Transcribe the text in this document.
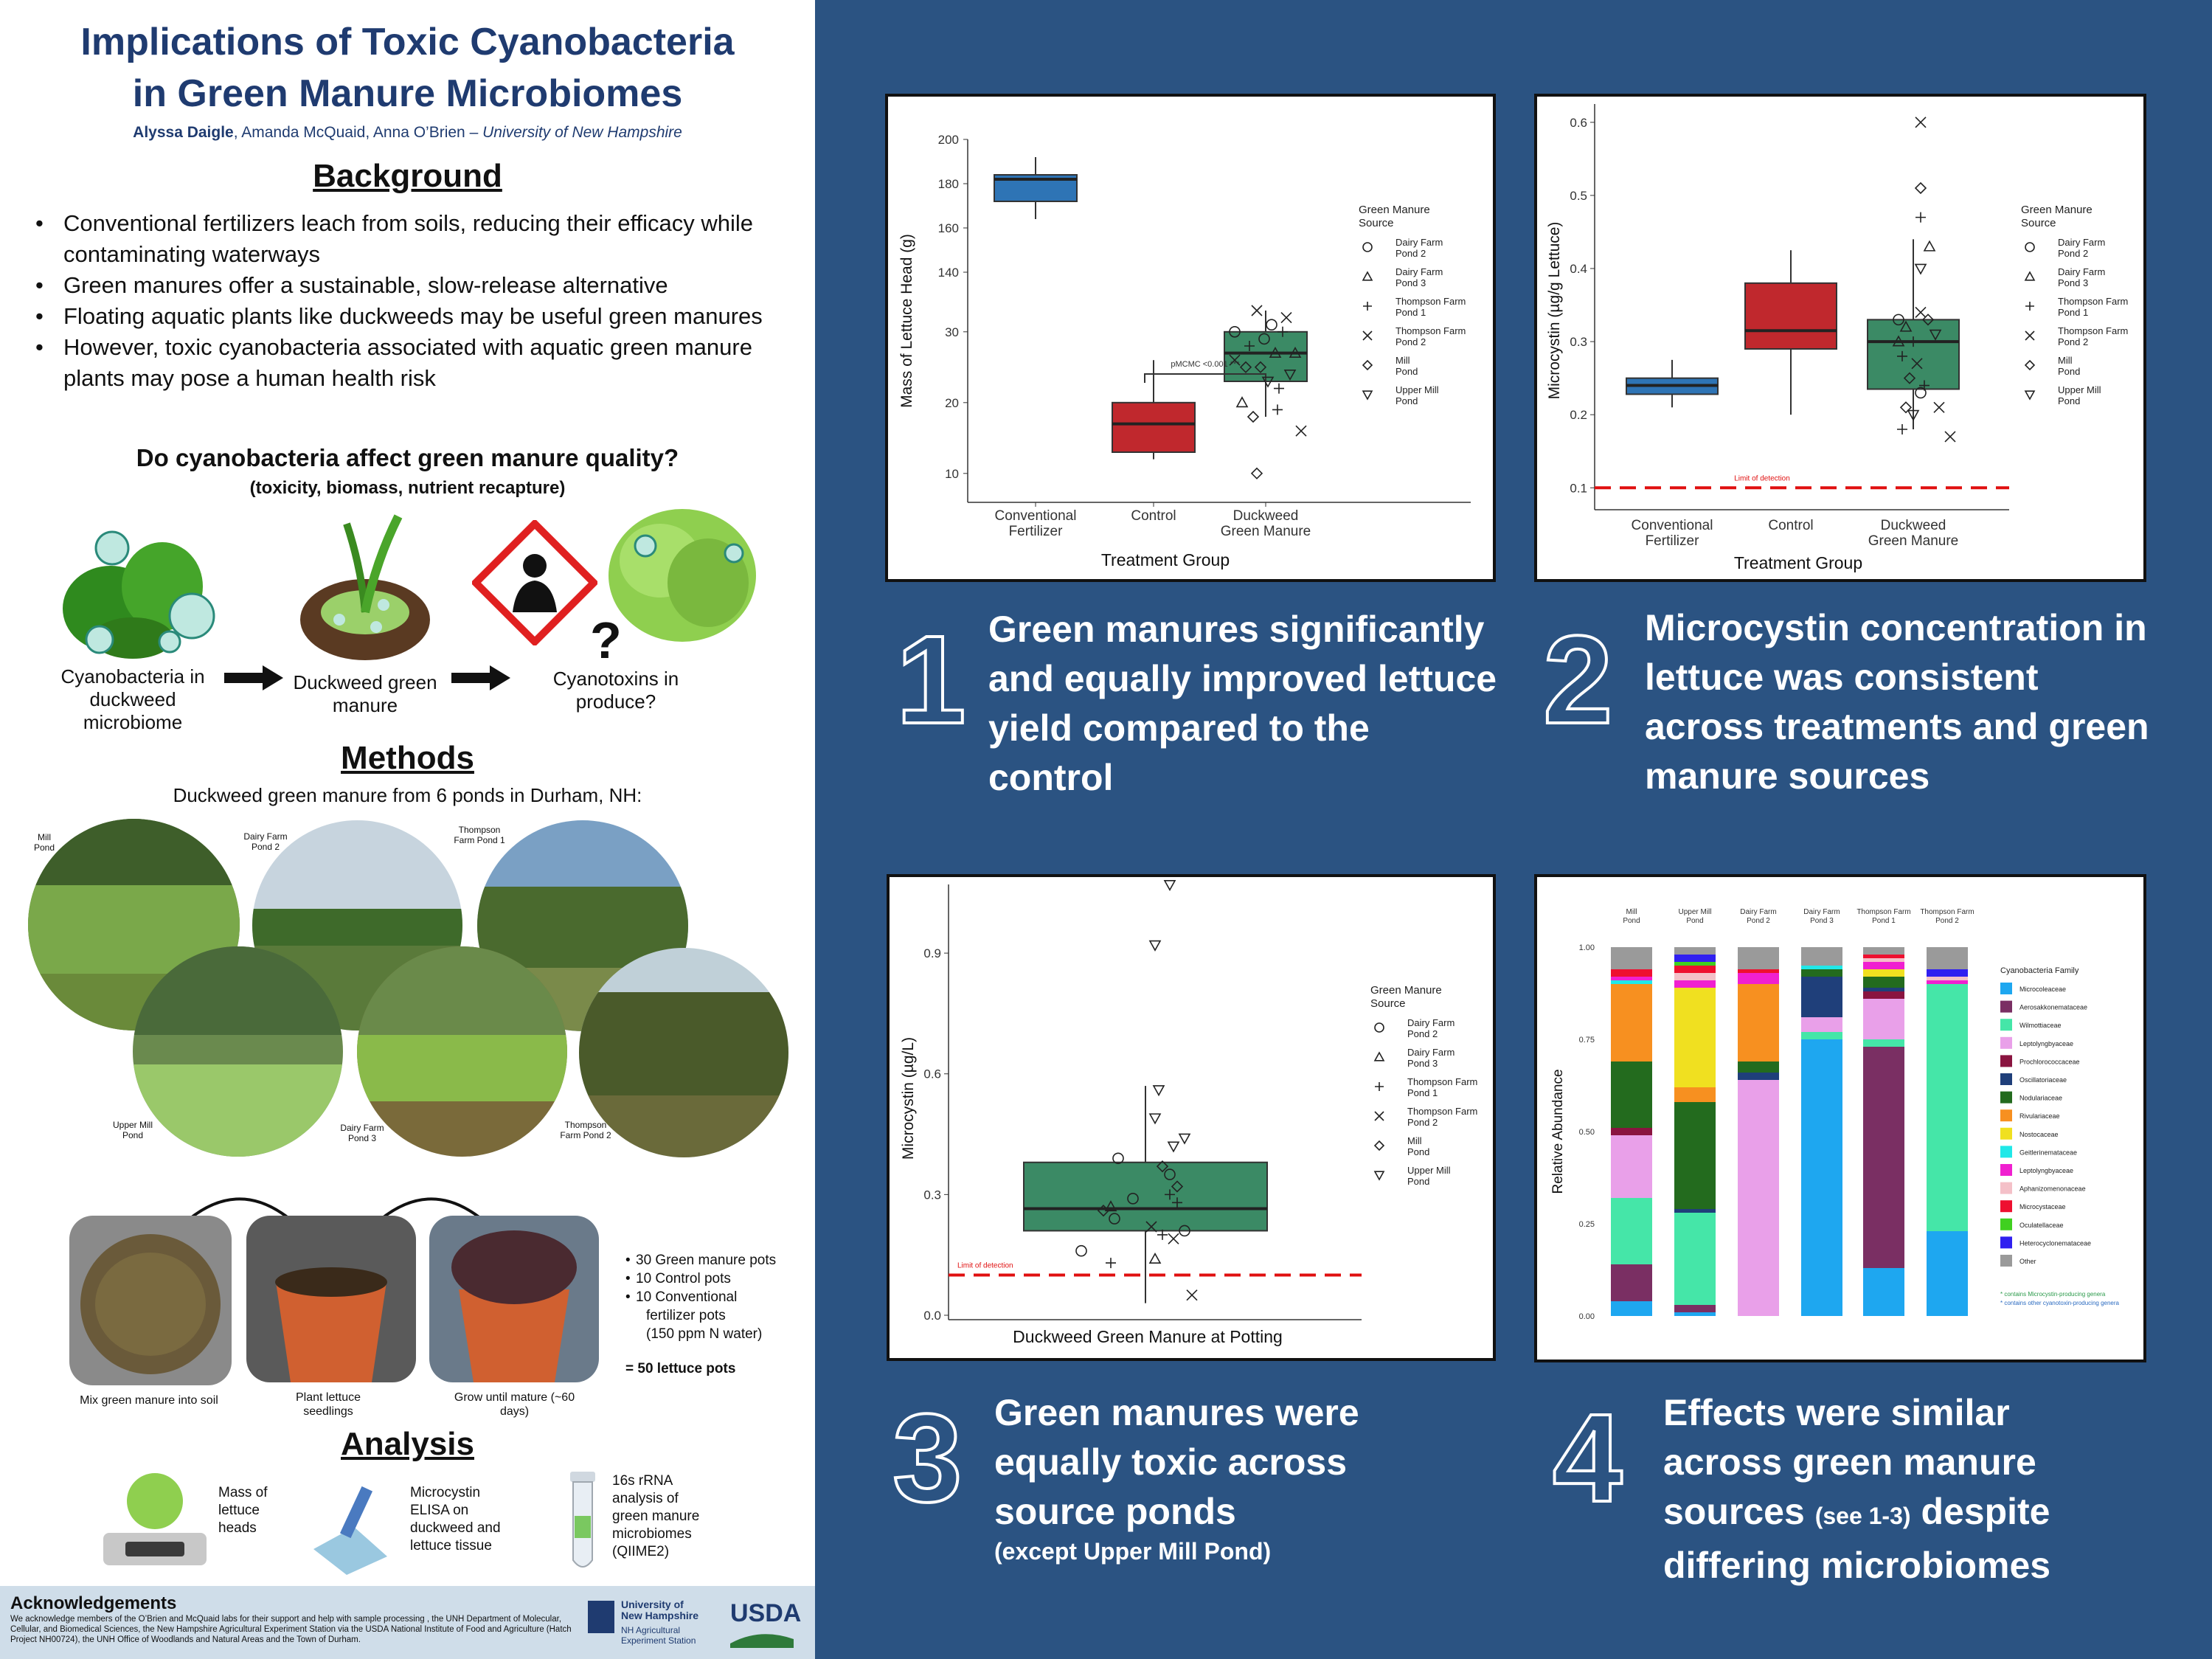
Implications of Toxic Cyanobacteria
in Green Manure Microbiomes
Alyssa Daigle, Amanda McQuaid, Anna O’Brien – University of New Hampshire
Background
• Conventional fertilizers leach from soils, reducing their efficacy while contaminating waterways
• Green manures offer a sustainable, slow-release alternative
• Floating aquatic plants like duckweeds may be useful green manures
• However, toxic cyanobacteria associated with aquatic green manure plants may pose a human health risk
Do cyanobacteria affect green manure quality?
(toxicity, biomass, nutrient recapture)
Cyanobacteria in duckweed microbiome
Duckweed green manure
?
Cyanotoxins in produce?
Methods
Duckweed green manure from 6 ponds in Durham, NH:
Mill Pond
Dairy Farm Pond 2
Thompson Farm Pond 1
Upper Mill Pond
Dairy Farm Pond 3
Thompson Farm Pond 2
Mix green manure into soil	Plant lettuce seedlings
Grow until mature (~60 days)
• 30 Green manure pots
• 10 Control pots
• 10 Conventional
fertilizer pots
(150 ppm N water)
= 50 lettuce pots
Analysis
Mass of lettuce heads
Microcystin ELISA on duckweed and lettuce tissue
16s rRNA analysis of green manure microbiomes (QIIME2)
Acknowledgements
We acknowledge members of the O’Brien and McQuaid labs for their support and help with sample processing , the UNH Department of Molecular, Cellular, and Biomedical Sciences, the New Hampshire Agricultural Experiment Station via the USDA National Institute of Food and Agriculture (Hatch Project NH00724), the UNH Office of Woodlands and Natural Areas and the Town of Durham.
University of
New Hampshire
NH Agricultural
Experiment Station
USDA
140
160
180
200
10
20
30
Conventional
Fertilizer
Control	Duckweed
Green Manure
Treatment Group
Mass of Lettuce Head (g)	pMCMC <0.001 ***
Green Manure
Source
Dairy Farm
Pond 2
Dairy Farm
Pond 3
Thompson Farm
Pond 1
Thompson Farm
Pond 2
Mill
Pond
Upper Mill
Pond
0.1
0.2
0.3
0.4
0.5
0.6
Limit of detection
Conventional
Fertilizer
Control	Duckweed
Green Manure
Treatment Group
Microcystin (µg/g Lettuce)
Green Manure
Source
Dairy Farm
Pond 2
Dairy Farm
Pond 3
Thompson Farm
Pond 1
Thompson Farm
Pond 2
Mill
Pond
Upper Mill
Pond
0.0
0.3
0.6
0.9
Limit of detection
Duckweed Green Manure at Potting
Microcystin (µg/L)
Green Manure
Source
Dairy Farm
Pond 2
Dairy Farm
Pond 3
Thompson Farm
Pond 1
Thompson Farm
Pond 2
Mill
Pond
Upper Mill
Pond
0.00
0.25
0.50
0.75
1.00
Relative Abundance
Mill
Pond
Upper Mill
Pond
Dairy Farm
Pond 2
Dairy Farm
Pond 3
Thompson Farm
Pond 1
Thompson Farm
Pond 2
Cyanobacteria Family
Microcoleaceae
Aerosakkonemataceae
Wilmottiaceae
Leptolyngbyaceae
Prochlorococcaceae
Oscillatoriaceae
Nodulariaceae
Rivulariaceae
Nostocaceae
Geitlerinemataceae
Leptolyngbyaceae
Aphanizomenonaceae
Microcystaceae
Oculatellaceae
Heterocyclonemataceae
Other
* contains Microcystin-producing genera
* contains other cyanotoxin-producing genera
1 Green manures significantly and equally improved lettuce yield compared to the control
2 Microcystin concentration in lettuce was consistent across treatments and green manure sources
3 Green manures were equally toxic across source ponds
(except Upper Mill Pond)
4 Effects were similar across green manure sources (see 1-3) despite differing microbiomes
